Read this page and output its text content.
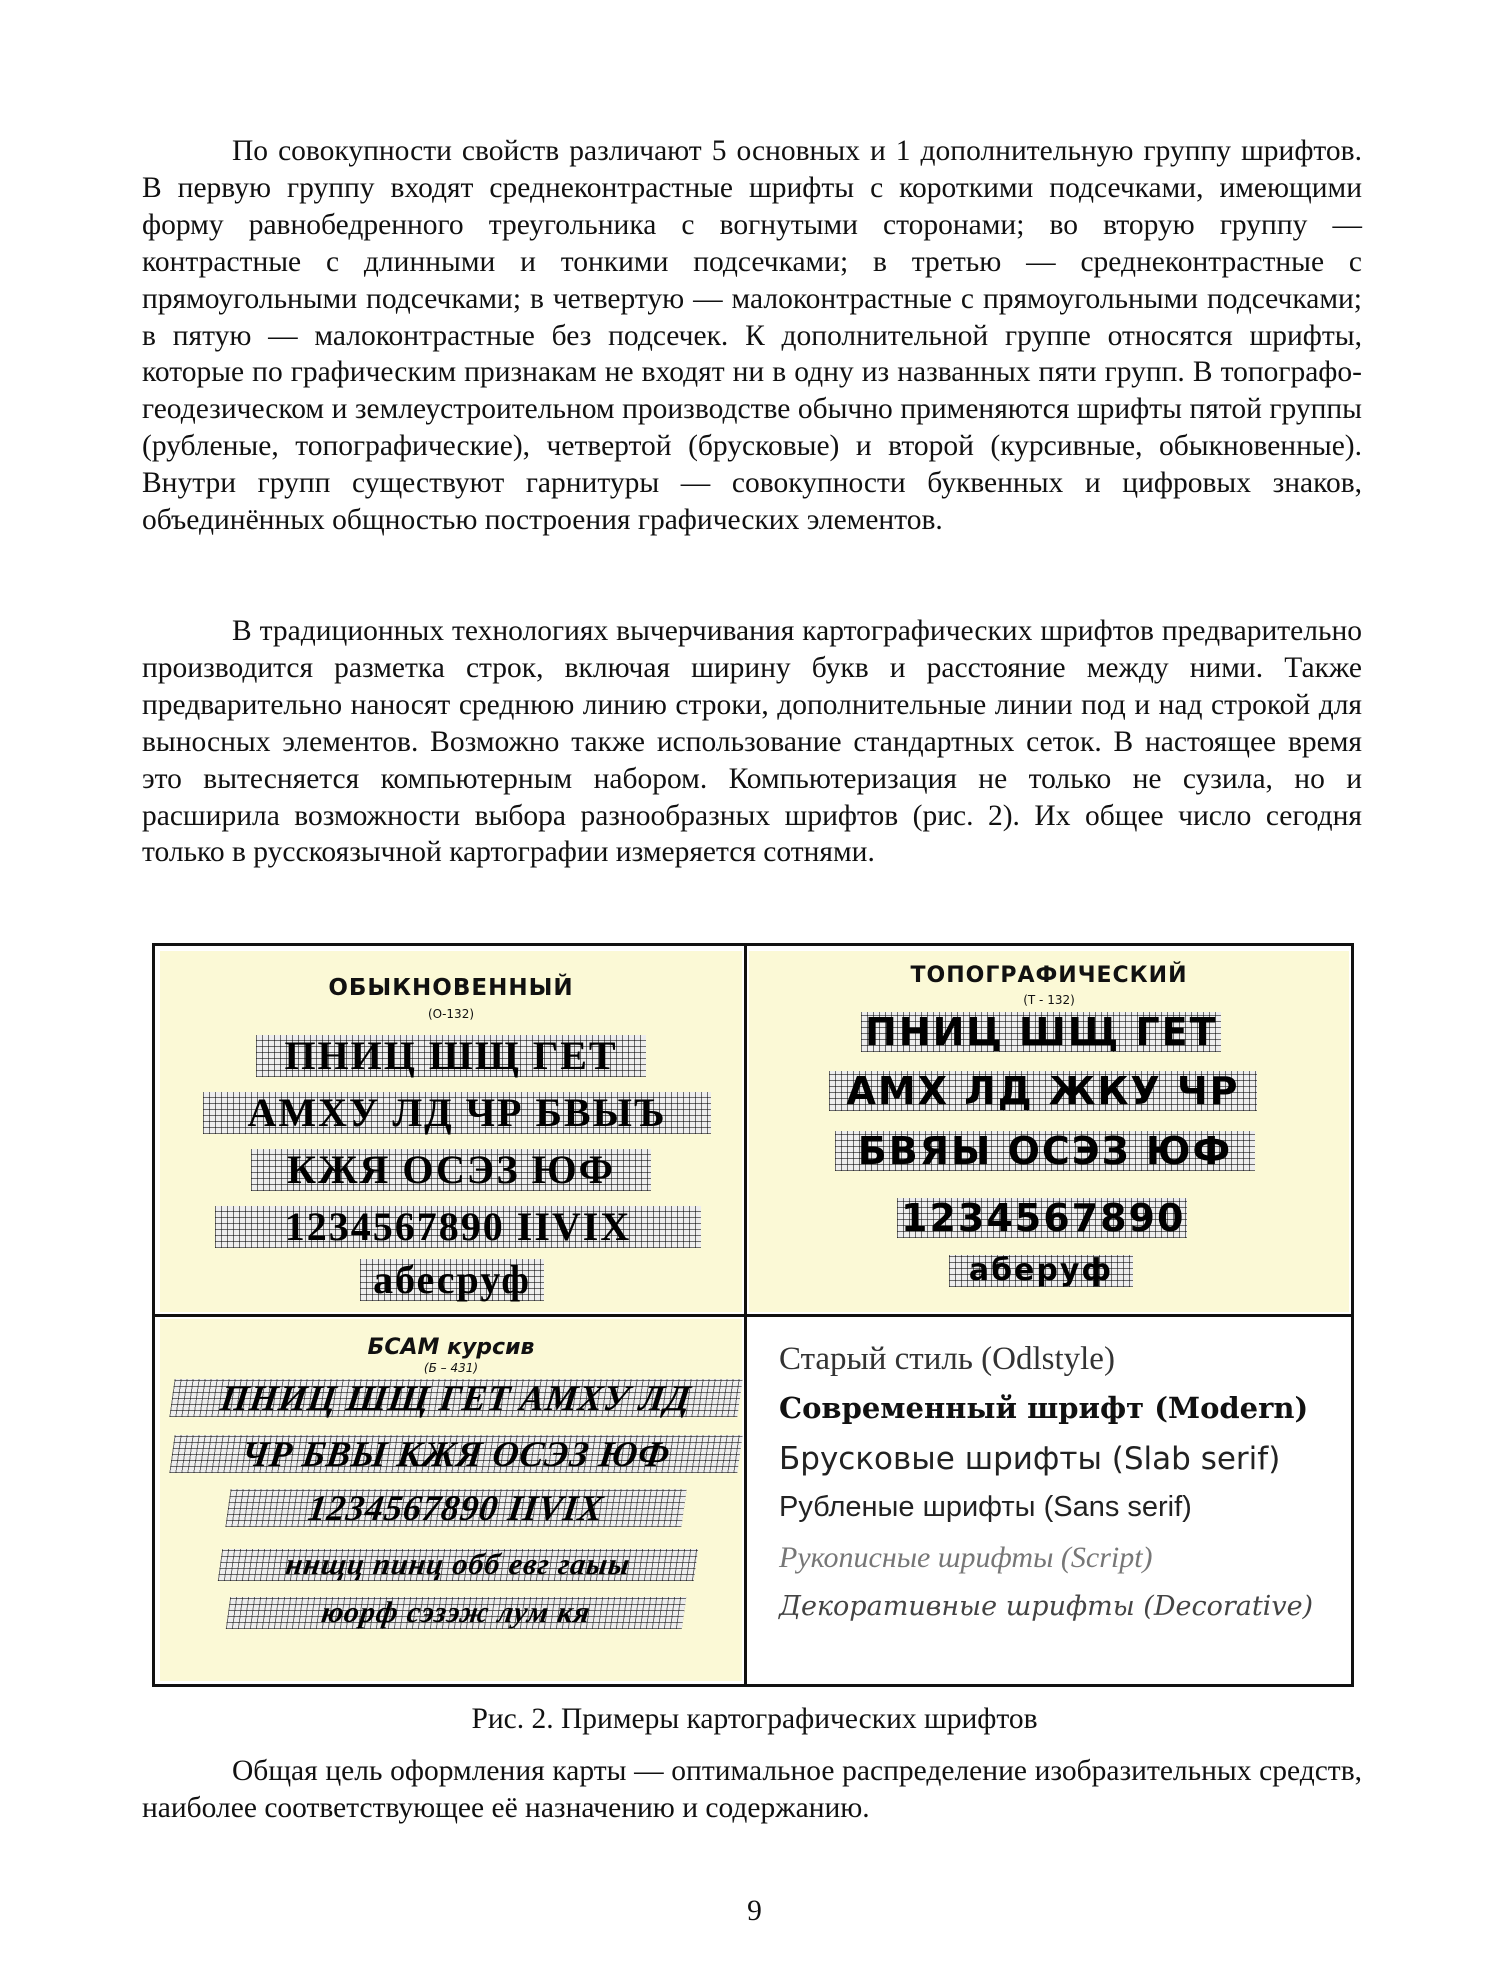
По совокупности свойств различают 5 основных и 1 дополнительную группу шрифтов. В первую группу входят среднеконтрастные шрифты с короткими подсечками, имеющими форму равнобедренного треугольника с вогнутыми сторонами; во вторую группу — контрастные с длинными и тонкими подсечками; в третью — среднеконтрастные с прямоугольными подсечками; в четвертую — малоконтрастные с прямоугольными подсечками; в пятую — малоконтрастные без подсечек. К дополнительной группе относятся шрифты, которые по графическим признакам не входят ни в одну из названных пяти групп. В топографо-геодезическом и землеустроительном производстве обычно применяются шрифты пятой группы (рубленые, топографические), четвертой (брусковые) и второй (курсивные, обыкновенные). Внутри групп существуют гарнитуры — совокупности буквенных и цифровых знаков, объединённых общностью построения графических элементов.

В традиционных технологиях вычерчивания картографических шрифтов предварительно производится разметка строк, включая ширину букв и расстояние между ними. Также предварительно наносят среднюю линию строки, дополнительные линии под и над строкой для выносных элементов. Возможно также использование стандартных сеток. В настоящее время это вытесняется компьютерным набором. Компьютеризация не только не сузила, но и расширила возможности выбора разнообразных шрифтов (рис. 2). Их общее число сегодня только в русскоязычной картографии измеряется сотнями.

ОБЫКНОВЕННЫЙ
(О-132)
ПНИЦ ШЩ ГЕТ
АМХУ ЛД ЧР БВЫЪ
КЖЯ ОСЭЗ ЮФ
1234567890 IIVIX
абесруф
ТОПОГРАФИЧЕСКИЙ
(Т - 132)
ПНИЦ ШЩ ГЕТ
АМХ ЛД ЖКУ ЧР
БВЯЫ ОСЭЗ ЮФ
1234567890
аберуф
БСАМ курсив
(Б – 431)
ПНИЦ ШЩ ГЕТ АМХУ ЛД
ЧР БВЫ КЖЯ ОСЭЗ ЮФ
1234567890 IIVIX
ннщц пинц обб евг гаыы
юорф сэзэж лум кя
Старый стиль (Odlstyle)
Современный шрифт (Modern)
Брусковые шрифты (Slab serif)
Рубленые шрифты (Sans serif)
Рукописные шрифты (Script)
Декоративные шрифты (Decorative)
Рис. 2. Примеры картографических шрифтов

Общая цель оформления карты — оптимальное распределение изобразительных средств, наиболее соответствующее её назначению и содержанию.

9
